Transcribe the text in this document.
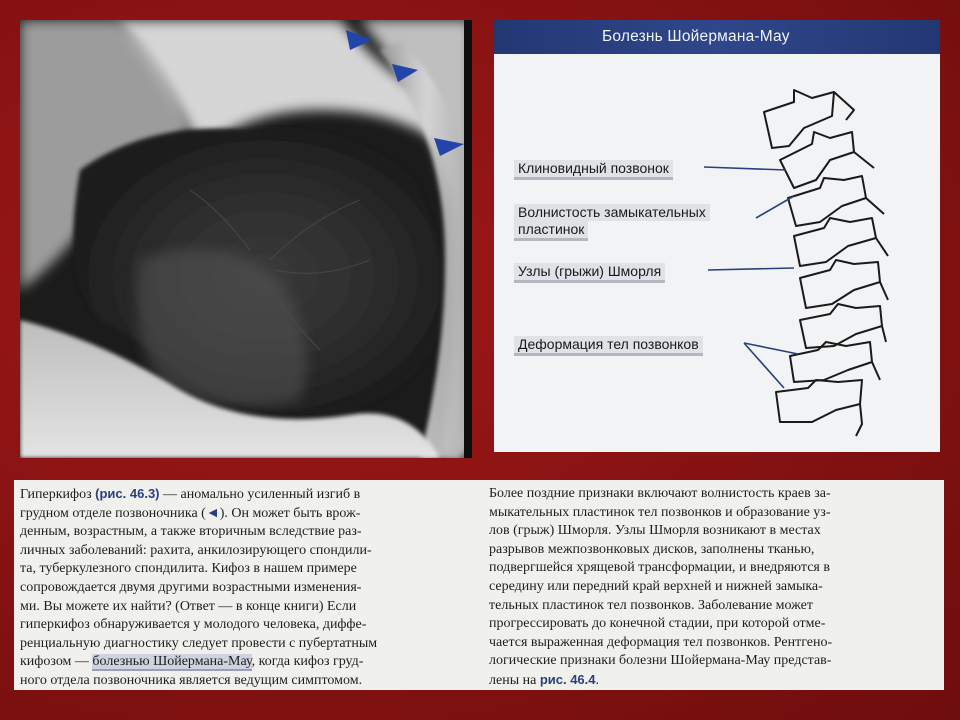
Болезнь Шойермана-Мау
Клиновидный позвонок
Волнистость замыкательных
пластинок
Узлы (грыжи) Шморля
Деформация тел позвонков
Гиперкифоз (рис. 46.3) — аномально усиленный изгиб в
грудном отделе позвоночника (◄). Он может быть врож-
денным, возрастным, а также вторичным вследствие раз-
личных заболеваний: рахита, анкилозирующего спондили-
та, туберкулезного спондилита. Кифоз в нашем примере
сопровождается двумя другими возрастными изменения-
ми. Вы можете их найти? (Ответ — в конце книги) Если
гиперкифоз обнаруживается у молодого человека, диффе-
ренциальную диагностику следует провести с пубертатным
кифозом — болезнью Шойермана-Мау, когда кифоз груд-
ного отдела позвоночника является ведущим симптомом.
Более поздние признаки включают волнистость краев за-
мыкательных пластинок тел позвонков и образование уз-
лов (грыж) Шморля. Узлы Шморля возникают в местах
разрывов межпозвонковых дисков, заполнены тканью,
подвергшейся хрящевой трансформации, и внедряются в
середину или передний край верхней и нижней замыка-
тельных пластинок тел позвонков. Заболевание может
прогрессировать до конечной стадии, при которой отме-
чается выраженная деформация тел позвонков. Рентгено-
логические признаки болезни Шойермана-Мау представ-
лены на рис. 46.4.
